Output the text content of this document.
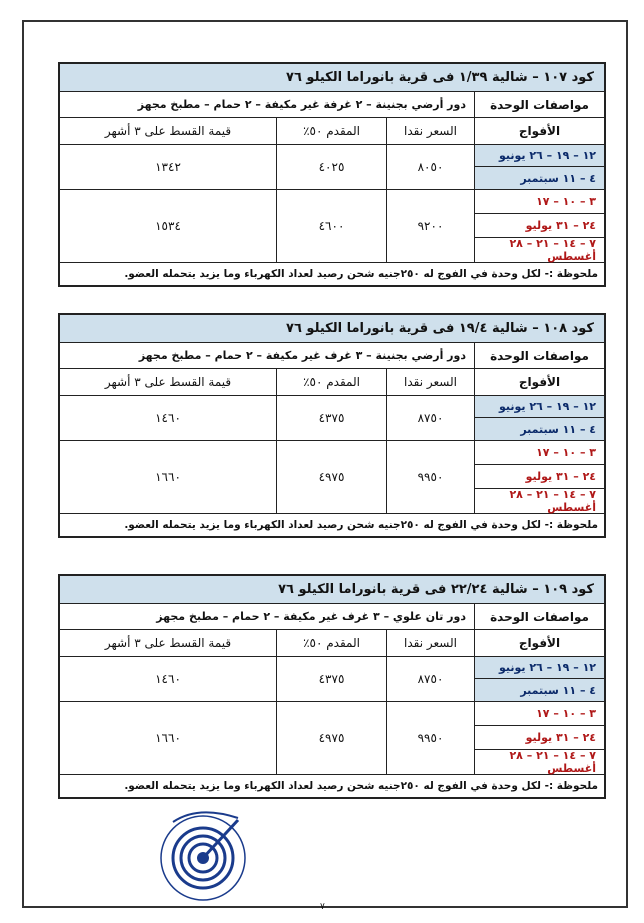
كود ١٠٧ – شالية ١/٣٩ فى قرية بانوراما الكيلو ٧٦
مواصفات الوحدة
دور أرضي بجنينة – ٢ غرفة غير مكيفة – ٢ حمام – مطبخ مجهز
الأفواج
السعر نقدا
المقدم ٥٠٪
قيمة القسط على ٣ أشهر
١٢ – ١٩ – ٢٦ يونيو
٤ – ١١ سبتمبر
٨٠٥٠
٤٠٢٥
١٣٤٢
٣ – ١٠ – ١٧
٢٤ – ٣١ يوليو
٧ – ١٤ – ٢١ – ٢٨ أغسطس
٩٢٠٠
٤٦٠٠
١٥٣٤
ملحوظة :- لكل وحدة في الفوج له ٢٥٠جنيه شحن رصيد لعداد الكهرباء وما يزيد يتحمله العضو.
كود ١٠٨ – شالية ١٩/٤ فى قرية بانوراما الكيلو ٧٦
مواصفات الوحدة
دور أرضي بجنينة – ٣ غرف غير مكيفة – ٢ حمام – مطبخ مجهز
الأفواج
السعر نقدا
المقدم ٥٠٪
قيمة القسط على ٣ أشهر
١٢ – ١٩ – ٢٦ يونيو
٤ – ١١ سبتمبر
٨٧٥٠
٤٣٧٥
١٤٦٠
٣ – ١٠ – ١٧
٢٤ – ٣١ يوليو
٧ – ١٤ – ٢١ – ٢٨ أغسطس
٩٩٥٠
٤٩٧٥
١٦٦٠
ملحوظة :- لكل وحدة في الفوج له ٢٥٠جنيه شحن رصيد لعداد الكهرباء وما يزيد يتحمله العضو.
كود ١٠٩ – شالية ٢٢/٢٤ فى قرية بانوراما الكيلو ٧٦
مواصفات الوحدة
دور تان علوي – ٣ غرف غير مكيفة – ٢ حمام – مطبخ مجهز
الأفواج
السعر نقدا
المقدم ٥٠٪
قيمة القسط على ٣ أشهر
١٢ – ١٩ – ٢٦ يونيو
٤ – ١١ سبتمبر
٨٧٥٠
٤٣٧٥
١٤٦٠
٣ – ١٠ – ١٧
٢٤ – ٣١ يوليو
٧ – ١٤ – ٢١ – ٢٨ أغسطس
٩٩٥٠
٤٩٧٥
١٦٦٠
ملحوظة :- لكل وحدة في الفوج له ٢٥٠جنيه شحن رصيد لعداد الكهرباء وما يزيد يتحمله العضو.
٧
